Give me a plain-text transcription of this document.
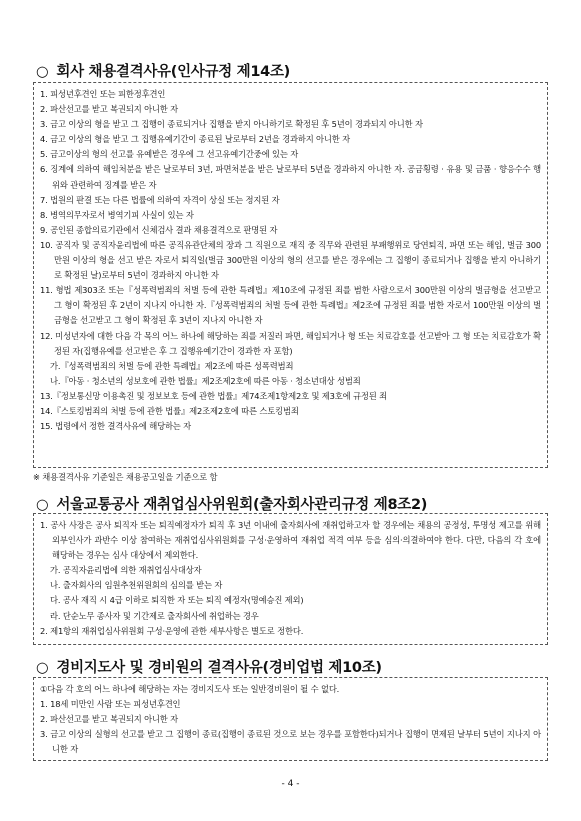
○ 회사 채용결격사유(인사규정 제14조)
1. 피성년후견인 또는 피한정후견인
2. 파산선고를 받고 복권되지 아니한 자
3. 금고 이상의 형을 받고 그 집행이 종료되거나 집행을 받지 아니하기로 확정된 후 5년이 경과되지 아니한 자
4. 금고 이상의 형을 받고 그 집행유예기간이 종료된 날로부터 2년을 경과하지 아니한 자
5. 금고이상의 형의 선고를 유예받은 경우에 그 선고유예기간중에 있는 자
6. 징계에 의하여 해임처분을 받은 날로부터 3년, 파면처분을 받은 날로부터 5년을 경과하지 아니한 자. 공금횡령 · 유용 및 금품 · 향응수수 행위와 관련하여 징계를 받은 자
7. 법원의 판결 또는 다른 법률에 의하여 자격이 상실 또는 정지된 자
8. 병역의무자로서 병역기피 사실이 있는 자
9. 공인된 종합의료기관에서 신체검사 결과 채용결격으로 판명된 자
10. 공직자 및 공직자윤리법에 따른 공직유관단체의 장과 그 직원으로 재직 중 직무와 관련된 부패행위로 당연퇴직, 파면 또는 해임, 벌금 300만원 이상의 형을 선고 받은 자로서 퇴직일(벌금 300만원 이상의 형의 선고를 받은 경우에는 그 집행이 종료되거나 집행을 받지 아니하기로 확정된 날)로부터 5년이 경과하지 아니한 자
11. 형법 제303조 또는『성폭력범죄의 처벌 등에 관한 특례법』제10조에 규정된 죄를 범한 사람으로서 300만원 이상의 벌금형을 선고받고 그 형이 확정된 후 2년이 지나지 아니한 자.『성폭력범죄의 처벌 등에 관한 특례법』제2조에 규정된 죄를 범한 자로서 100만원 이상의 벌금형을 선고받고 그 형이 확정된 후 3년이 지나지 아니한 자
12. 미성년자에 대한 다음 각 목의 어느 하나에 해당하는 죄를 저질러 파면, 해임되거나 형 또는 치료감호를 선고받아 그 형 또는 치료감호가 확정된 자(집행유예를 선고받은 후 그 집행유예기간이 경과한 자 포함)
가.『성폭력범죄의 처벌 등에 관한 특례법』제2조에 따른 성폭력범죄
나.『아동 · 청소년의 성보호에 관한 법률』제2조제2호에 따른 아동 · 청소년대상 성범죄
13.『정보통신망 이용촉진 및 정보보호 등에 관한 법률』제74조제1항제2호 및 제3호에 규정된 죄
14.『스토킹범죄의 처벌 등에 관한 법률』제2조제2호에 따른 스토킹범죄
15. 법령에서 정한 결격사유에 해당하는 자
※ 채용결격사유 기준일은 채용공고일을 기준으로 함
○ 서울교통공사 재취업심사위원회(출자회사관리규정 제8조2)
1. 공사 사장은 공사 퇴직자 또는 퇴직예정자가 퇴직 후 3년 이내에 출자회사에 재취업하고자 할 경우에는 채용의 공정성, 투명성 제고를 위해 외부인사가 과반수 이상 참여하는 재취업심사위원회를 구성·운영하여 재취업 적격 여부 등을 심의·의결하여야 한다. 다만, 다음의 각 호에 해당하는 경우는 심사 대상에서 제외한다.
가. 공직자윤리법에 의한 재취업심사대상자
나. 출자회사의 임원추천위원회의 심의를 받는 자
다. 공사 재직 시 4급 이하로 퇴직한 자 또는 퇴직 예정자(명예승진 제외)
라. 단순노무 종사자 및 기간제로 출자회사에 취업하는 경우
2. 제1항의 재취업심사위원회 구성·운영에 관한 세부사항은 별도로 정한다.
○ 경비지도사 및 경비원의 결격사유(경비업법 제10조)
①다음 각 호의 어느 하나에 해당하는 자는 경비지도사 또는 일반경비원이 될 수 없다.
1. 18세 미만인 사람 또는 피성년후견인
2. 파산선고를 받고 복권되지 아니한 자
3. 금고 이상의 실형의 선고를 받고 그 집행이 종료(집행이 종료된 것으로 보는 경우를 포함한다)되거나 집행이 면제된 날부터 5년이 지나지 아니한 자
- 4 -
